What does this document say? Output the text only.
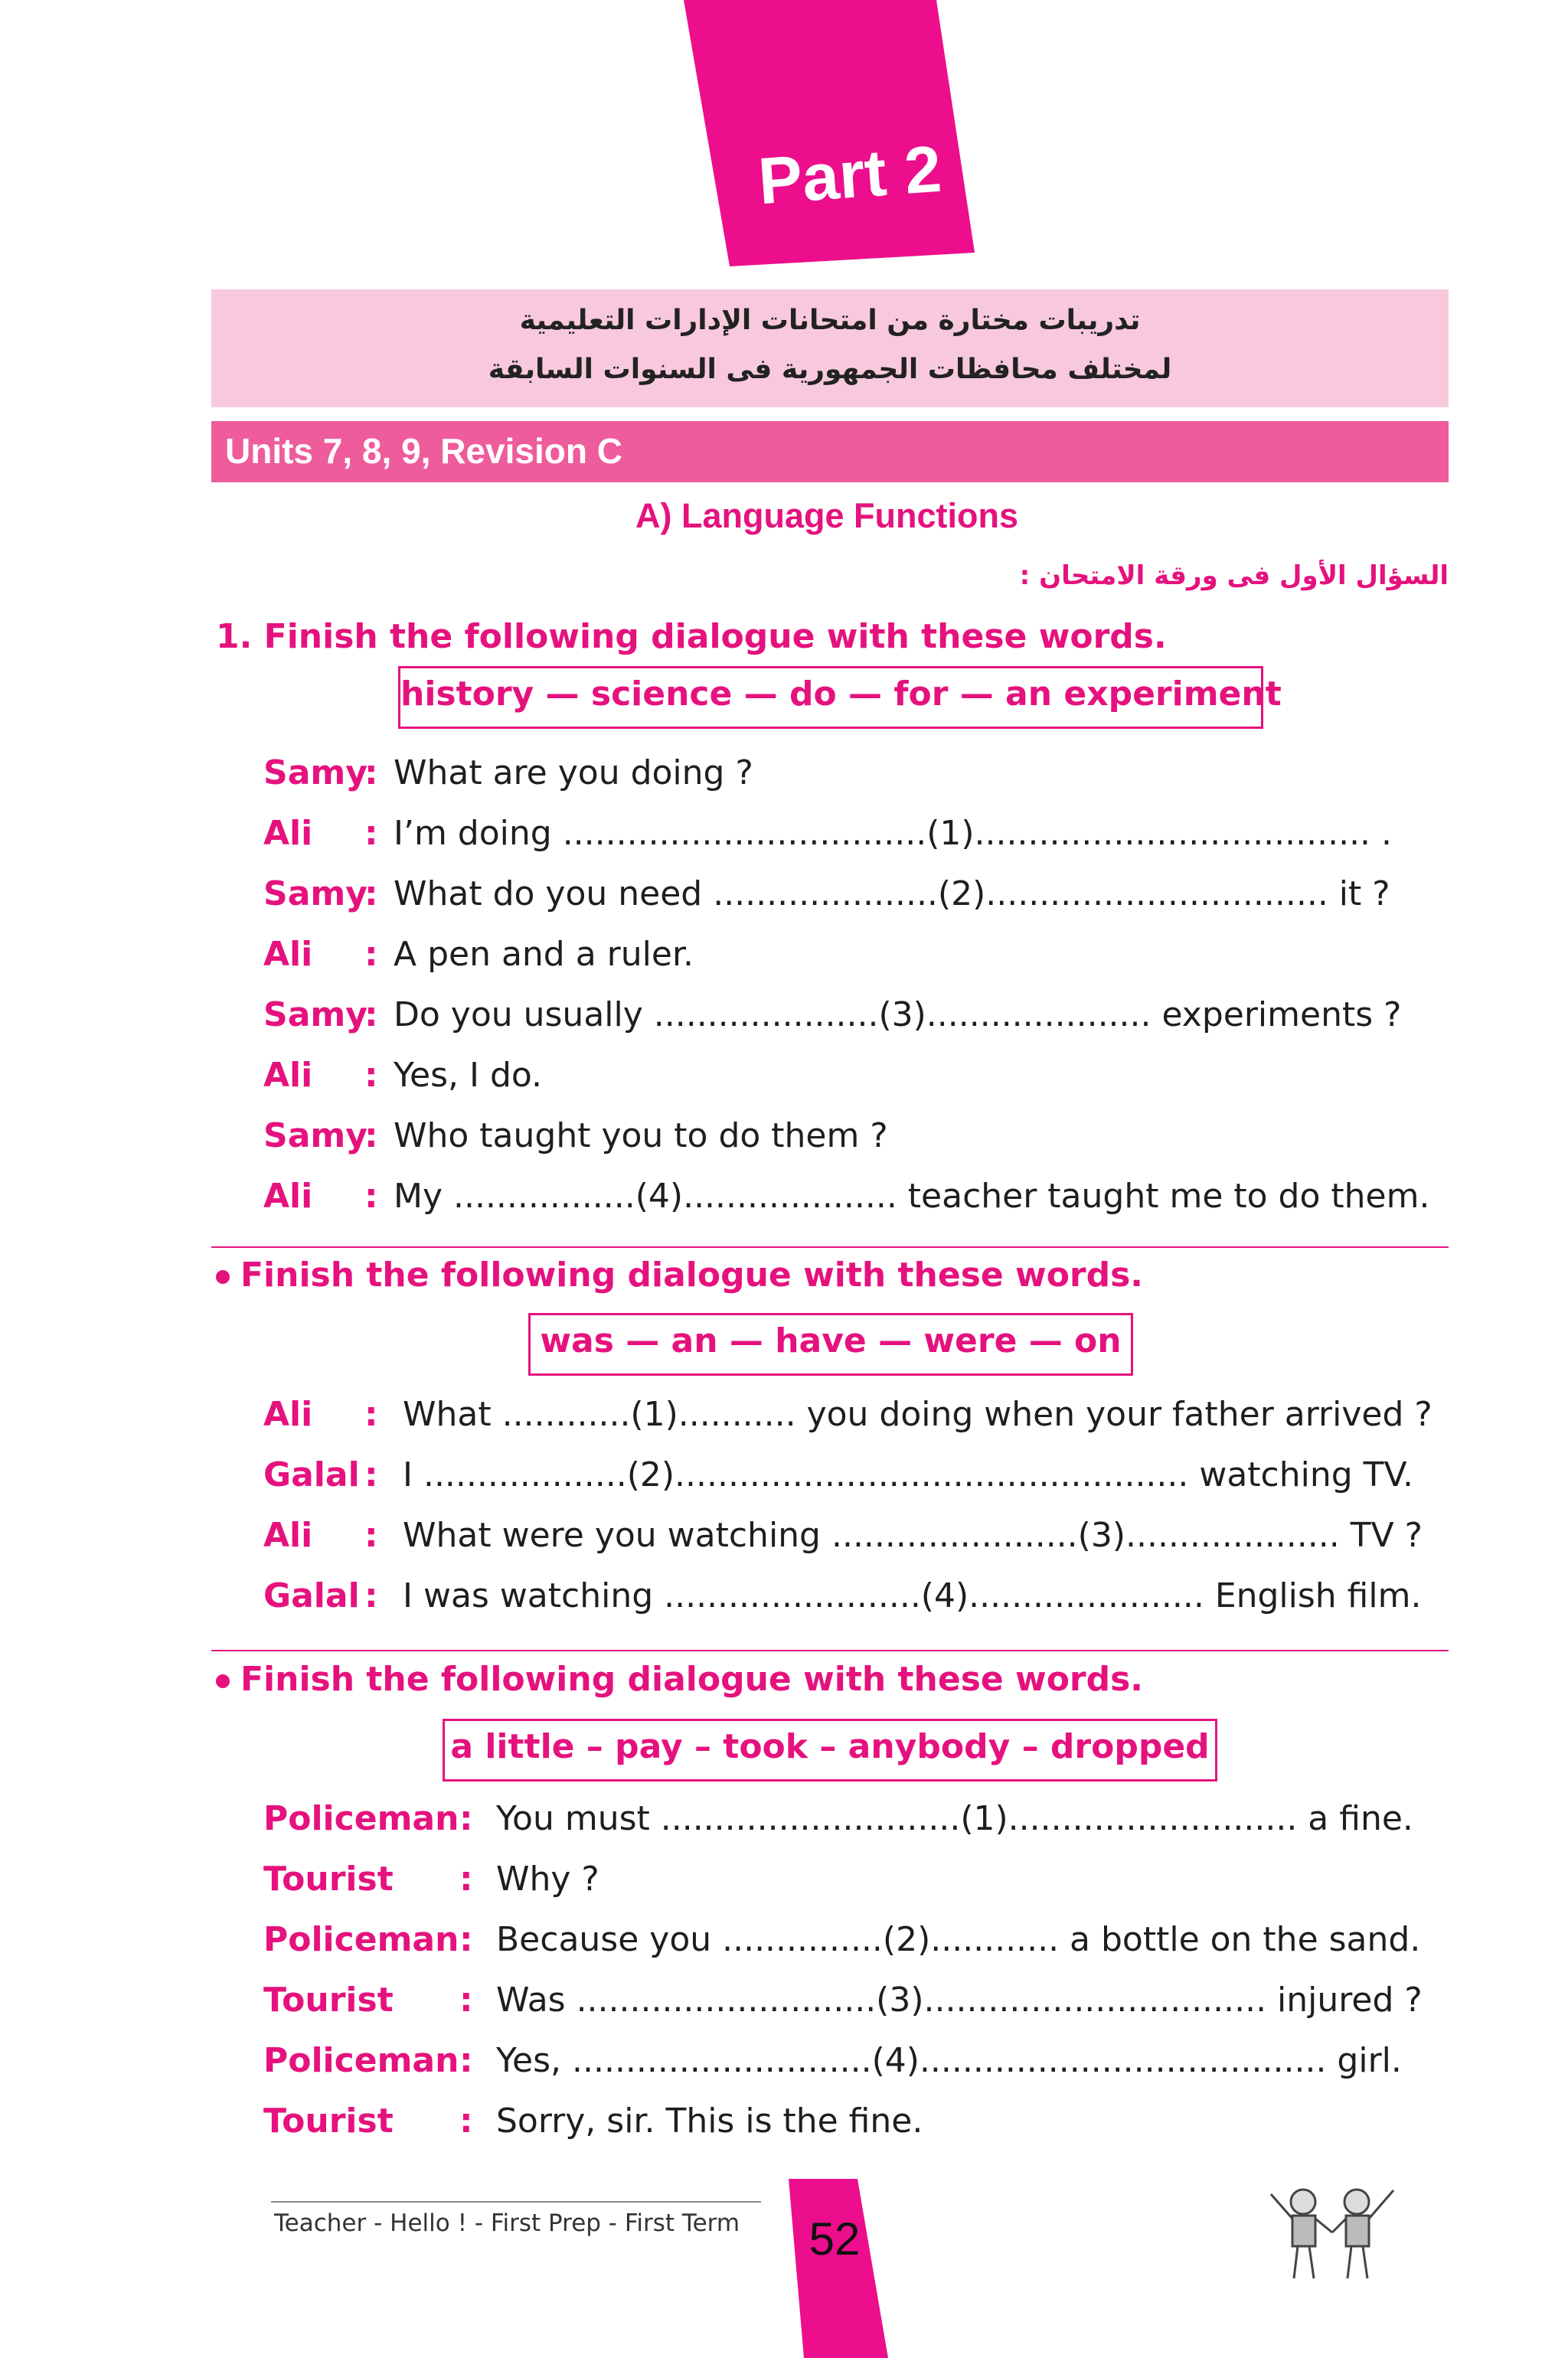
Part 2
تدريبات مختارة من امتحانات الإدارات التعليمية
لمختلف محافظات الجمهورية فى السنوات السابقة
Units 7, 8, 9, Revision C
A) Language Functions
السؤال الأول فى ورقة الامتحان :
1. Finish the following dialogue with these words.
history — science — do — for — an experiment
Samy
: What are you doing ?
Ali : I’m doing ..................................(1)..................................... .
Samy
: What do you need .....................(2)................................ it ?
Ali : A pen and a ruler.
Samy
: Do you usually .....................(3)..................... experiments ?
Ali : Yes, I do.
Samy
: Who taught you to do them ?
Ali : My .................(4).................... teacher taught me to do them.
Finish the following dialogue with these words.
was — an — have — were — on
Ali : What ............(1)........... you doing when your father arrived ?
Galal : I ...................(2)................................................ watching TV.
Ali : What were you watching .......................(3).................... TV ?
Galal : I was watching ........................(4)...................... English film.
Finish the following dialogue with these words.
a little – pay – took – anybody – dropped
Policeman : You must ............................(1)........................... a fine.
Tourist : Why ?
Policeman : Because you ...............(2)............ a bottle on the sand.
Tourist : Was ............................(3)................................ injured ?
Policeman : Yes, ............................(4)...................................... girl.
Tourist : Sorry, sir. This is the fine.
Teacher - Hello ! - First Prep - First Term 52
